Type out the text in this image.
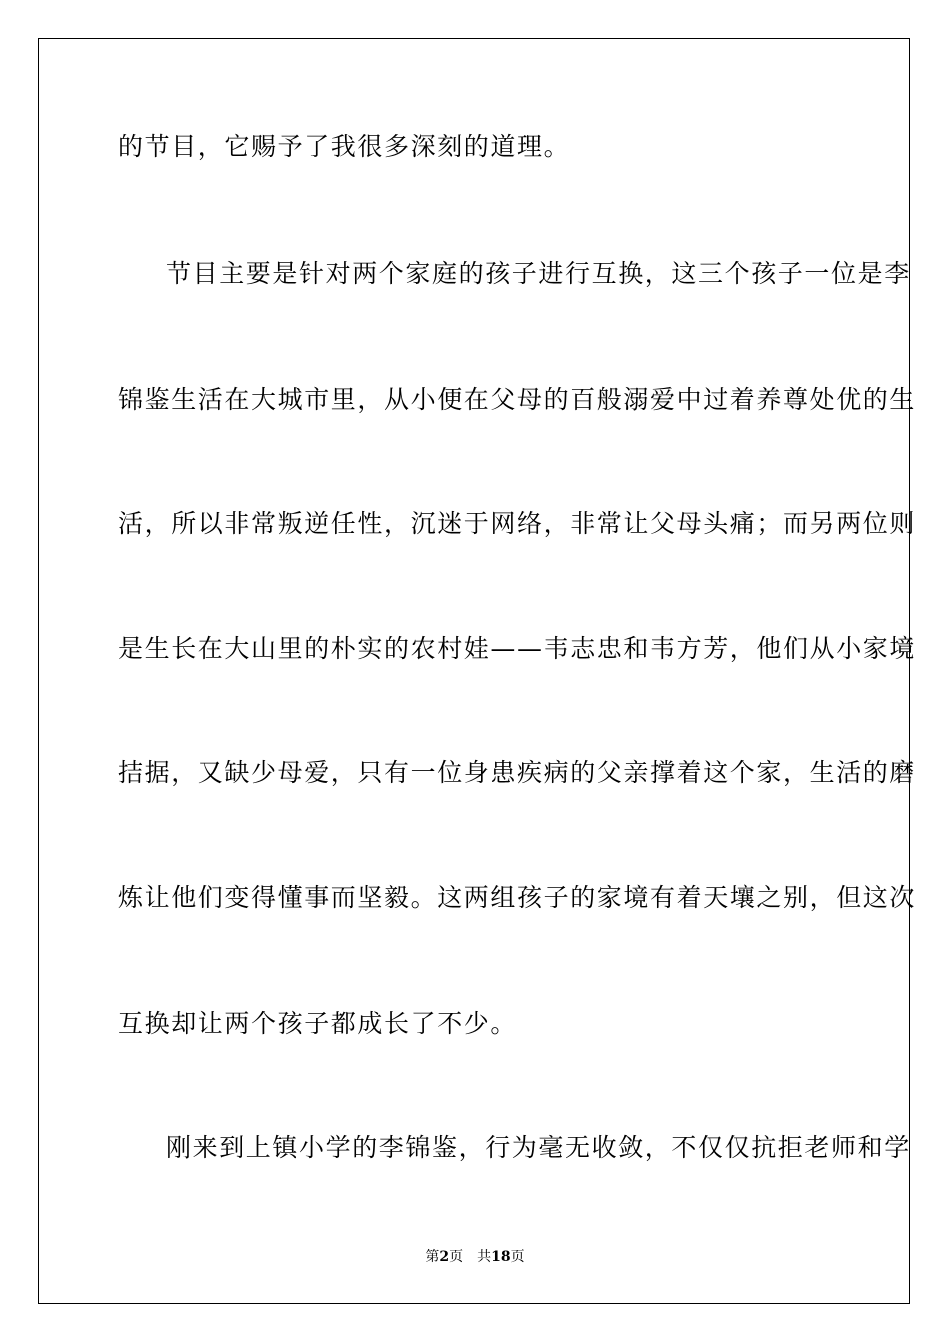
的节目，它赐予了我很多深刻的道理。
节目主要是针对两个家庭的孩子进行互换，这三个孩子一位是李
锦鉴生活在大城市里，从小便在父母的百般溺爱中过着养尊处优的生
活，所以非常叛逆任性，沉迷于网络，非常让父母头痛；而另两位则
是生长在大山里的朴实的农村娃——韦志忠和韦方芳，他们从小家境
拮据，又缺少母爱，只有一位身患疾病的父亲撑着这个家，生活的磨
炼让他们变得懂事而坚毅。这两组孩子的家境有着天壤之别，但这次
互换却让两个孩子都成长了不少。
刚来到上镇小学的李锦鉴，行为毫无收敛，不仅仅抗拒老师和学
第2页 共18页
